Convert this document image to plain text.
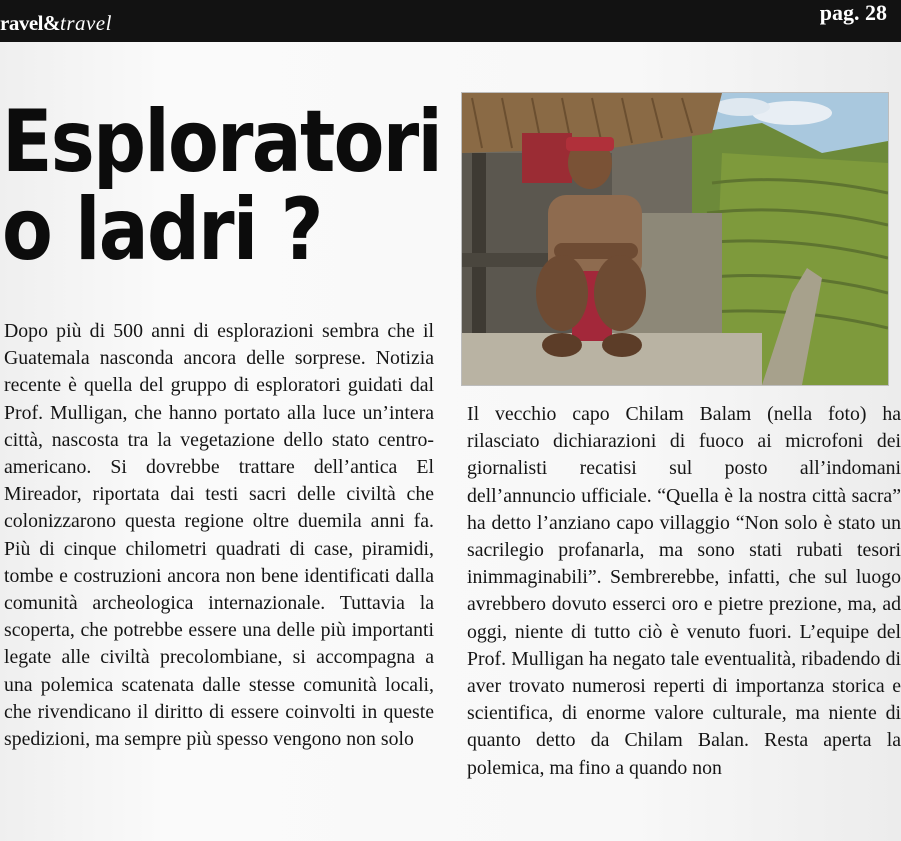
ravel&travel	pag. 28
Esploratori
o ladri ?
Dopo più di 500 anni di esplorazioni sembra che il Guatemala nasconda ancora delle sorprese. Notizia recente è quella del gruppo di esploratori guidati dal Prof. Mulligan, che hanno portato alla luce un’intera città, nascosta tra la vegetazione dello stato centro-americano. Si dovrebbe trattare dell’antica El Mireador, riportata dai testi sacri delle civiltà che colonizzarono questa regione oltre duemila anni fa. Più di cinque chilometri quadrati di case, piramidi, tombe e costruzioni ancora non bene identificati dalla comunità archeologica internazionale. Tuttavia la scoperta, che potrebbe essere una delle più importanti legate alle civiltà precolombiane, si accompagna a una polemica scatenata dalle stesse comunità locali, che rivendicano il diritto di essere coinvolti in queste spedizioni, ma sempre più spesso vengono non solo
Il vecchio capo Chilam Balam (nella foto) ha rilasciato dichiarazioni di fuoco ai microfoni dei giornalisti recatisi sul posto all’indomani dell’annuncio ufficiale. “Quella è la nostra città sacra” ha detto l’anziano capo villaggio “Non solo è stato un sacrilegio profanarla, ma sono stati rubati tesori inimmaginabili”. Sembrerebbe, infatti, che sul luogo avrebbero dovuto esserci oro e pietre prezione, ma, ad oggi, niente di tutto ciò è venuto fuori. L’equipe del Prof. Mulligan ha negato tale eventualità, ribadendo di aver trovato numerosi reperti di importanza storica e scientifica, di enorme valore culturale, ma niente di quanto detto da Chilam Balan. Resta aperta la polemica, ma fino a quando non
